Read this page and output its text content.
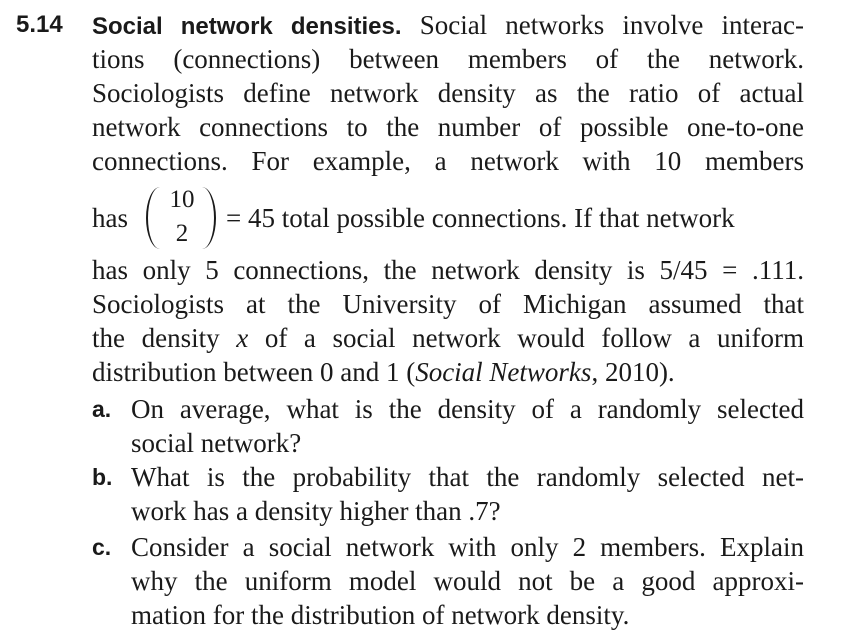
5.14 Social network densities. Social networks involve interac-
tions (connections) between members of the network.
Sociologists define network density as the ratio of actual
network connections to the number of possible one-to-one
connections. For example, a network with 10 members
has
10
2
= 45 total possible connections. If that network
has only 5 connections, the network density is 5/45 = .111.
Sociologists at the University of Michigan assumed that
the density x of a social network would follow a uniform
distribution between 0 and 1 (Social Networks, 2010).
a. On average, what is the density of a randomly selected
social network?
b. What is the probability that the randomly selected net-
work has a density higher than .7?
c. Consider a social network with only 2 members. Explain
why the uniform model would not be a good approxi-
mation for the distribution of network density.
